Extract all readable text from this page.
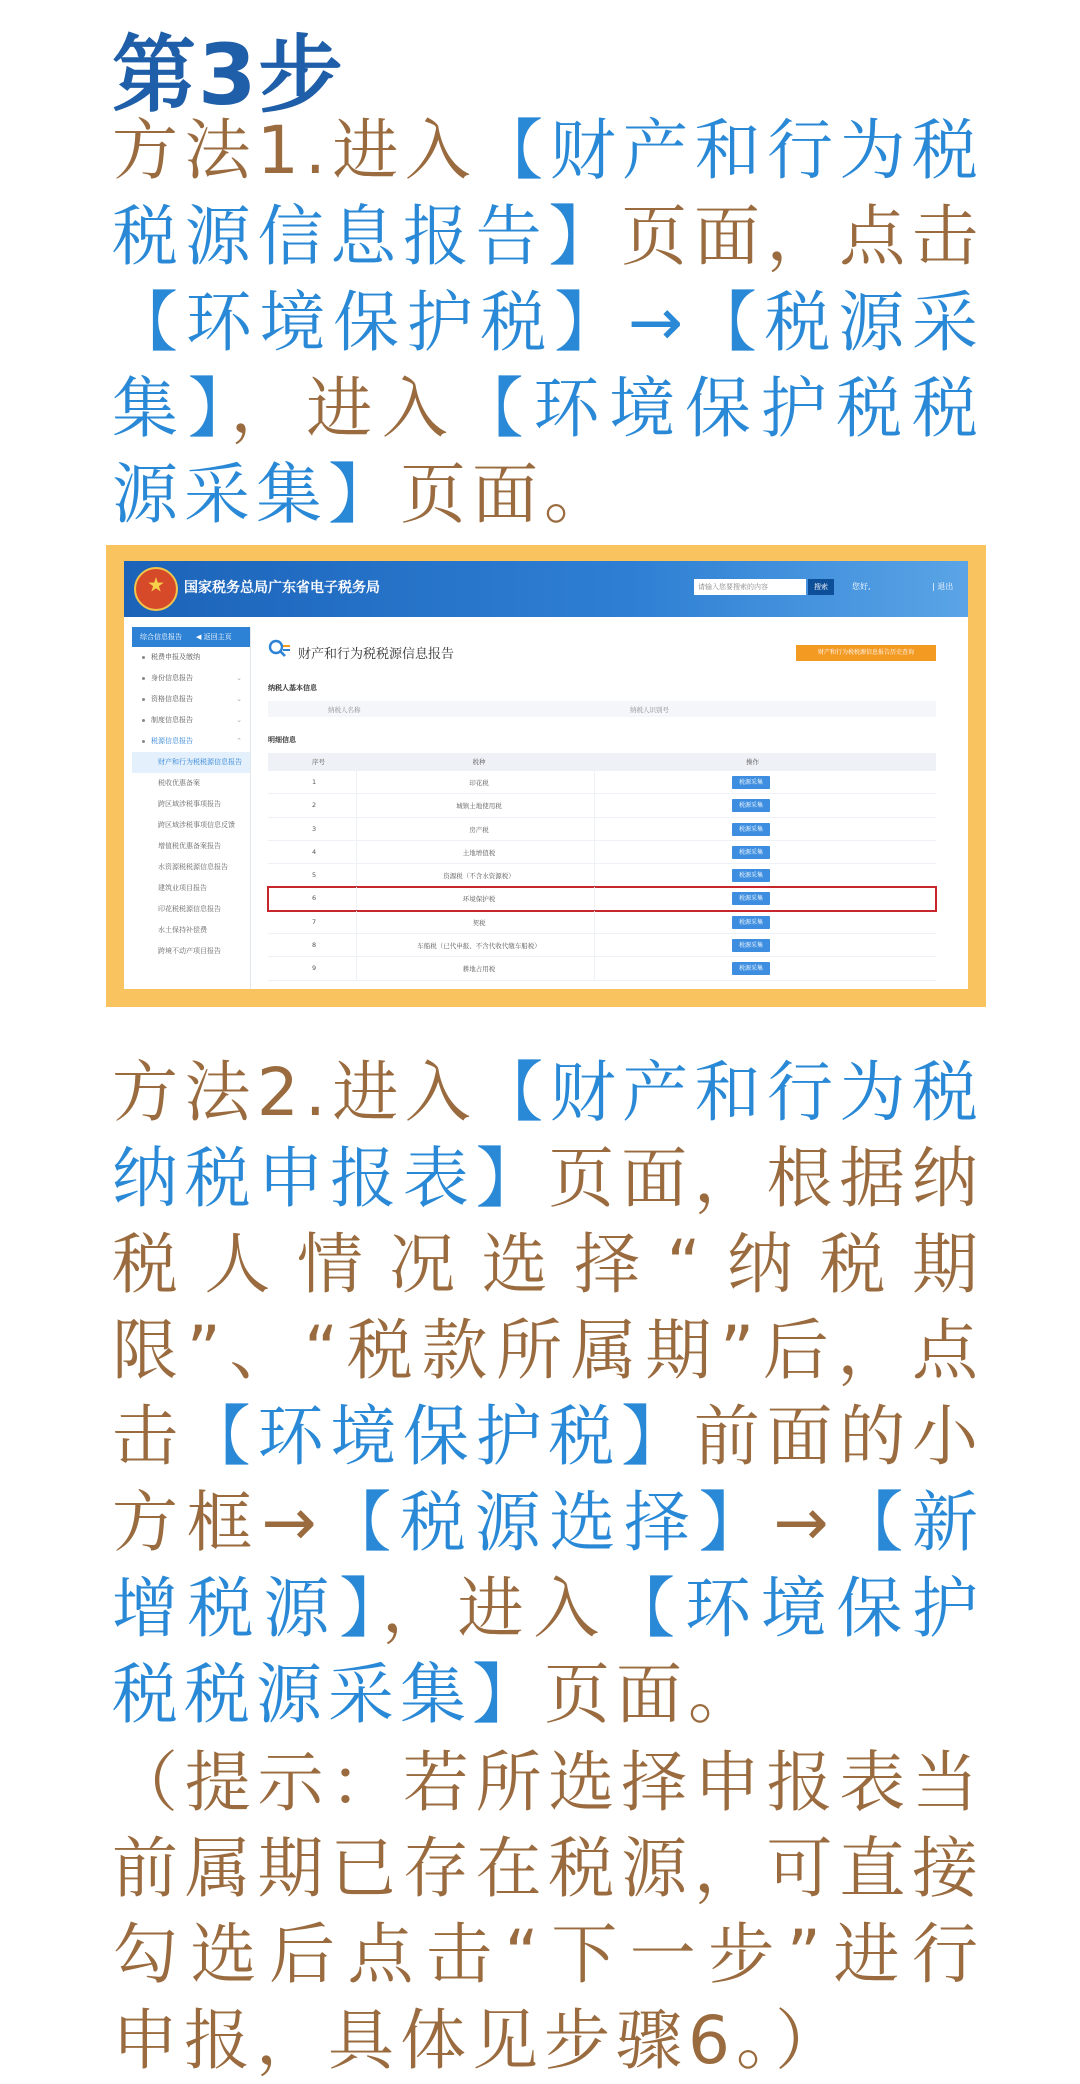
第3步

方法1.进入【财产和行为税税源信息报告】页面，点击【环境保护税】→【税源采集】，进入【环境保护税税源采集】页面。

国家税务总局广东省电子税务局	请输入您要搜索的内容	搜索	您好,	| 退出
综合信息报告 ◀ 返回主页
税费申报及缴纳
身份信息报告	⌄
资格信息报告	⌄
制度信息报告	⌄
税源信息报告	⌃
财产和行为税税源信息报告
税收优惠备案
跨区域涉税事项报告
跨区域涉税事项信息反馈
增值税优惠备案报告
水资源税税源信息报告
建筑业项目报告
印花税税源信息报告
水土保持补偿费
跨境不动产项目报告
财产和行为税税源信息报告	财产和行为税税源信息报告历史查询
纳税人基本信息
纳税人名称	纳税人识别号
明细信息
序号	税种	操作
1	印花税	税源采集
2	城镇土地使用税	税源采集
3	房产税	税源采集
4	土地增值税	税源采集
5	资源税（不含水资源税）	税源采集
6	环境保护税	税源采集
7	契税	税源采集
8	车船税（已代申报、不含代收代缴车船税）	税源采集
9	耕地占用税	税源采集

方法2.进入【财产和行为税纳税申报表】页面，根据纳税人情况选择“纳税期限”、“税款所属期”后，点击【环境保护税】前面的小方框→【税源选择】→【新增税源】，进入【环境保护税税源采集】页面。

（提示：若所选择申报表当前属期已存在税源，可直接勾选后点击“下一步”进行申报，具体见步骤6。）
